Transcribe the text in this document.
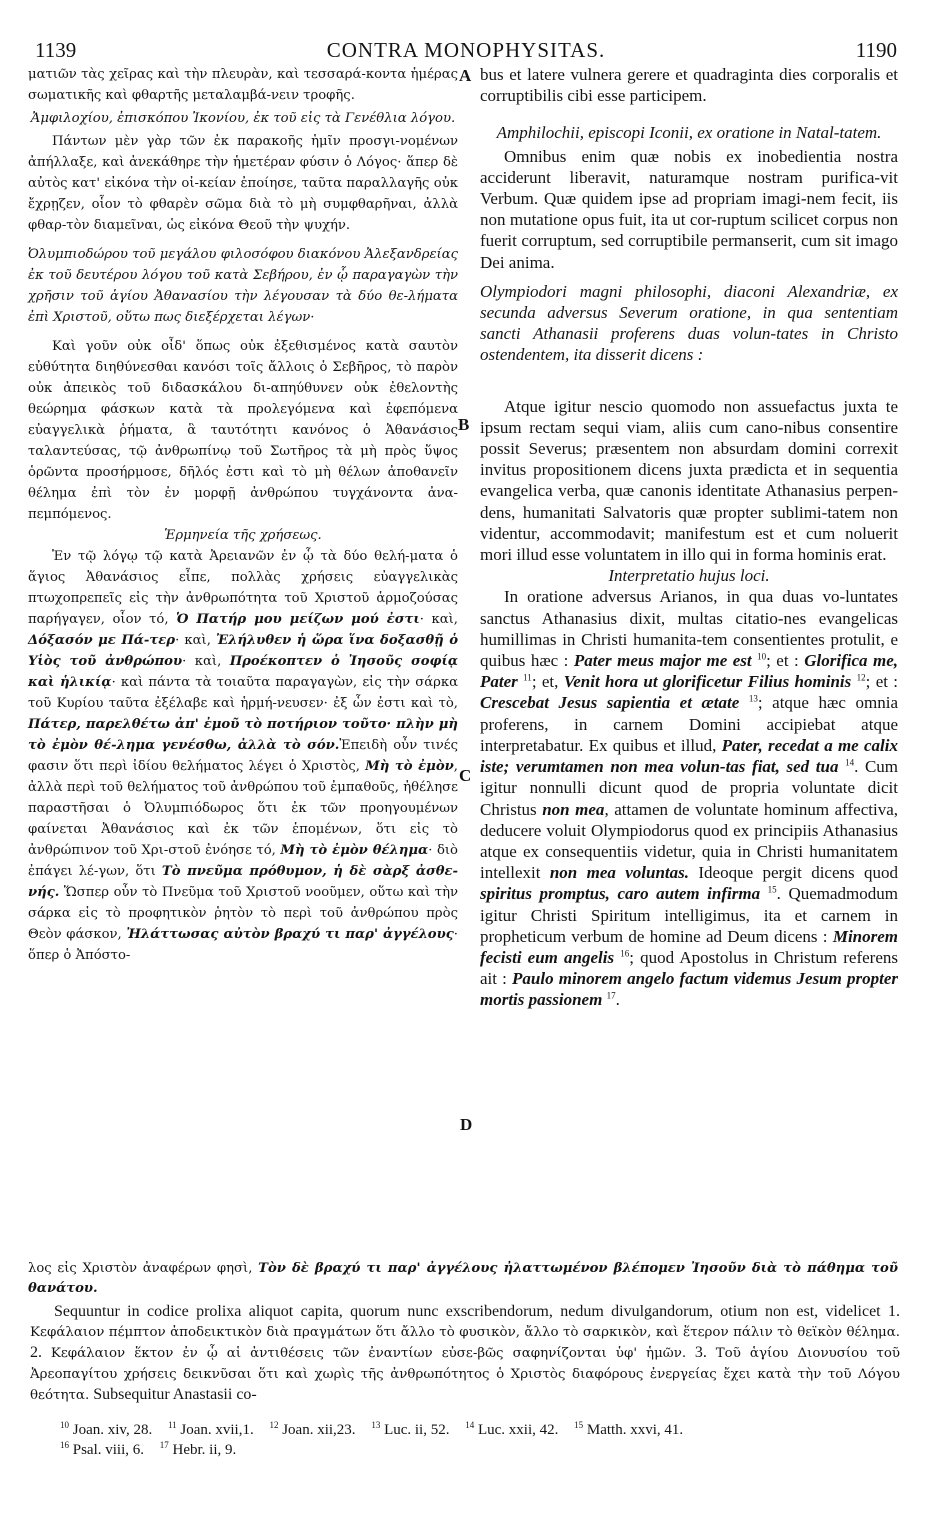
1139	CONTRA MONOPHYSITAS.	1190
A
B
C
D

ματιῶν τὰς χεῖρας καὶ τὴν πλευρὰν, καὶ τεσσαρά-κοντα ἡμέρας σωματικῆς καὶ φθαρτῆς μεταλαμβά-νειν τροφῆς.

Ἀμφιλοχίου, ἐπισκόπου Ἰκονίου, ἐκ τοῦ εἰς τὰ Γενέθλια λόγου.

Πάντων μὲν γὰρ τῶν ἐκ παρακοῆς ἡμῖν προσγι-νομένων ἀπήλλαξε, καὶ ἀνεκάθηρε τὴν ἡμετέραν φύσιν ὁ Λόγος· ἅπερ δὲ αὐτὸς κατ' εἰκόνα τὴν οἰ-κείαν ἐποίησε, ταῦτα παραλλαγῆς οὐκ ἔχρῃζεν, οἷον τὸ φθαρὲν σῶμα διὰ τὸ μὴ συμφθαρῆναι, ἀλλὰ φθαρ-τὸν διαμεῖναι, ὡς εἰκόνα Θεοῦ τὴν ψυχήν.

Ὀλυμπιοδώρου τοῦ μεγάλου φιλοσόφου διακόνου Ἀλεξανδρείας ἐκ τοῦ δευτέρου λόγου τοῦ κατὰ Σεβήρου, ἐν ᾧ παραγαγὼν τὴν χρῆσιν τοῦ ἁγίου Ἀθανασίου τὴν λέγουσαν τὰ δύο θε-λήματα ἐπὶ Χριστοῦ, οὕτω πως διεξέρχεται λέγων·

Καὶ γοῦν οὐκ οἶδ' ὅπως οὐκ ἐξεθισμένος κατὰ σαυτὸν εὐθύτητα διηθύνεσθαι κανόσι τοῖς ἄλλοις ὁ Σεβῆρος, τὸ παρὸν οὐκ ἀπεικὸς τοῦ διδασκάλου δι-απηύθυνεν οὐκ ἐθελοντὴς θεώρημα φάσκων κατὰ τὰ προλεγόμενα καὶ ἐφεπόμενα εὐαγγελικὰ ῥήματα, ἃ ταυτότητι κανόνος ὁ Ἀθανάσιος ταλαντεύσας, τῷ ἀνθρωπίνῳ τοῦ Σωτῆρος τὰ μὴ πρὸς ὕψος ὁρῶντα προσήρμοσε, δῆλός ἐστι καὶ τὸ μὴ θέλων ἀποθανεῖν θέλημα ἐπὶ τὸν ἐν μορφῇ ἀνθρώπου τυγχάνοντα ἀνα-πεμπόμενος.

Ἑρμηνεία τῆς χρήσεως.

Ἐν τῷ λόγῳ τῷ κατὰ Ἀρειανῶν ἐν ᾧ τὰ δύο θελή-ματα ὁ ἅγιος Ἀθανάσιος εἶπε, πολλὰς χρήσεις εὐαγγελικὰς πτωχοπρεπεῖς εἰς τὴν ἀνθρωπότητα τοῦ Χριστοῦ ἁρμοζούσας παρήγαγεν, οἷον τό, Ὁ Πατήρ μου μείζων μού ἐστι· καὶ, Δόξασόν με Πά-τερ· καὶ, Ἐλήλυθεν ἡ ὥρα ἵνα δοξασθῇ ὁ Υἱὸς τοῦ ἀνθρώπου· καὶ, Προέκοπτεν ὁ Ἰησοῦς σοφίᾳ καὶ ἡλικίᾳ· καὶ πάντα τὰ τοιαῦτα παραγαγὼν, εἰς τὴν σάρκα τοῦ Κυρίου ταῦτα ἐξέλαβε καὶ ἡρμή-νευσεν· ἐξ ὧν ἐστι καὶ τὸ, Πάτερ, παρελθέτω ἀπ' ἐμοῦ τὸ ποτήριον τοῦτο· πλὴν μὴ τὸ ἐμὸν θέ-λημα γενέσθω, ἀλλὰ τὸ σόν.Ἐπειδὴ οὖν τινές φασιν ὅτι περὶ ἰδίου θελήματος λέγει ὁ Χριστὸς, Μὴ τὸ ἐμὸν, ἀλλὰ περὶ τοῦ θελήματος τοῦ ἀνθρώπου τοῦ ἐμπαθοῦς, ἠθέλησε παραστῆσαι ὁ Ὀλυμπιόδωρος ὅτι ἐκ τῶν προηγουμένων φαίνεται Ἀθανάσιος καὶ ἐκ τῶν ἑπομένων, ὅτι εἰς τὸ ἀνθρώπινον τοῦ Χρι-στοῦ ἐνόησε τό, Μὴ τὸ ἐμὸν θέλημα· διὸ ἐπάγει λέ-γων, ὅτι Τὸ πνεῦμα πρόθυμον, ἡ δὲ σὰρξ ἀσθε-νής. Ὥσπερ οὖν τὸ Πνεῦμα τοῦ Χριστοῦ νοοῦμεν, οὕτω καὶ τὴν σάρκα εἰς τὸ προφητικὸν ῥητὸν τὸ περὶ τοῦ ἀνθρώπου πρὸς Θεὸν φάσκον, Ἠλάττωσας αὐτὸν βραχύ τι παρ' ἀγγέλους· ὅπερ ὁ Ἀπόστο-

bus et latere vulnera gerere et quadraginta dies corporalis et corruptibilis cibi esse participem.

Amphilochii, episcopi Iconii, ex oratione in Natal-tatem.

Omnibus enim quæ nobis ex inobedientia nostra acciderunt liberavit, naturamque nostram purifica-vit Verbum. Quæ quidem ipse ad propriam imagi-nem fecit, iis non mutatione opus fuit, ita ut cor-ruptum scilicet corpus non fuerit corruptum, sed corruptibile permanserit, cum sit imago Dei anima.

Olympiodori magni philosophi, diaconi Alexandriæ, ex secunda adversus Severum oratione, in qua sententiam sancti Athanasii proferens duas volun-tates in Christo ostendentem, ita disserit dicens :

Atque igitur nescio quomodo non assuefactus juxta te ipsum rectam sequi viam, aliis cum cano-nibus consentire possit Severus; præsentem non absurdam domini correxit invitus propositionem dicens juxta prædicta et in sequentia evangelica verba, quæ canonis identitate Athanasius perpen-dens, humanitati Salvatoris quæ propter sublimi-tatem non videntur, accommodavit; manifestum est et cum noluerit mori illud esse voluntatem in illo qui in forma hominis erat.

Interpretatio hujus loci.

In oratione adversus Arianos, in qua duas vo-luntates sanctus Athanasius dixit, multas citatio-nes evangelicas humillimas in Christi humanita-tem consentientes protulit, e quibus hæc : Pater meus major me est $^{10}$; et : Glorifica me, Pater $^{11}$; et, Venit hora ut glorificetur Filius hominis $^{12}$; et : Crescebat Jesus sapientia et ætate $^{13}$; atque hæc omnia proferens, in carnem Domini accipiebat atque interpretabatur. Ex quibus et illud, Pater, recedat a me calix iste; verumtamen non mea volun-tas fiat, sed tua $^{14}$. Cum igitur nonnulli dicunt quod de propria voluntate dicit Christus non mea, attamen de voluntate hominum affectiva, deducere voluit Olympiodorus quod ex principiis Athanasius atque ex consequentiis videtur, quia in Christi humanitatem intellexit non mea voluntas. Ideoque pergit dicens quod spiritus promptus, caro autem infirma $^{15}$. Quemadmodum igitur Christi Spiritum intelligimus, ita et carnem in propheticum verbum de homine ad Deum dicens : Minorem fecisti eum angelis $^{16}$; quod Apostolus in Christum referens ait : Paulo minorem angelo factum videmus Jesum propter mortis passionem $^{17}$.

λος εἰς Χριστὸν ἀναφέρων φησὶ, Τὸν δὲ βραχύ τι παρ' ἀγγέλους ἠλαττωμένον βλέπομεν Ἰησοῦν διὰ τὸ πάθημα τοῦ θανάτου.

Sequuntur in codice prolixa aliquot capita, quorum nunc exscribendorum, nedum divulgandorum, otium non est, videlicet 1. Κεφάλαιον πέμπτον ἀποδεικτικὸν διὰ πραγμάτων ὅτι ἄλλο τὸ φυσικὸν, ἄλλο τὸ σαρκικὸν, καὶ ἕτερον πάλιν τὸ θεϊκὸν θέλημα. 2. Κεφάλαιον ἕκτον ἐν ᾧ αἱ ἀντιθέσεις τῶν ἐναντίων εὐσε-βῶς σαφηνίζονται ὑφ' ἡμῶν. 3. Τοῦ ἁγίου Διονυσίου τοῦ Ἀρεοπαγίτου χρήσεις δεικνῦσαι ὅτι καὶ χωρὶς τῆς ἀνθρωπότητος ὁ Χριστὸς διαφόρους ἐνεργείας ἔχει κατὰ τὴν τοῦ Λόγου θεότητα. Subsequitur Anastasii co-

$^{10}$ Joan. xiv, 28. $^{11}$ Joan. xvii,1. $^{12}$ Joan. xii,23. $^{13}$ Luc. ii, 52. $^{14}$ Luc. xxii, 42. $^{15}$ Matth. xxvi, 41.
$^{16}$ Psal. viii, 6. $^{17}$ Hebr. ii, 9.
